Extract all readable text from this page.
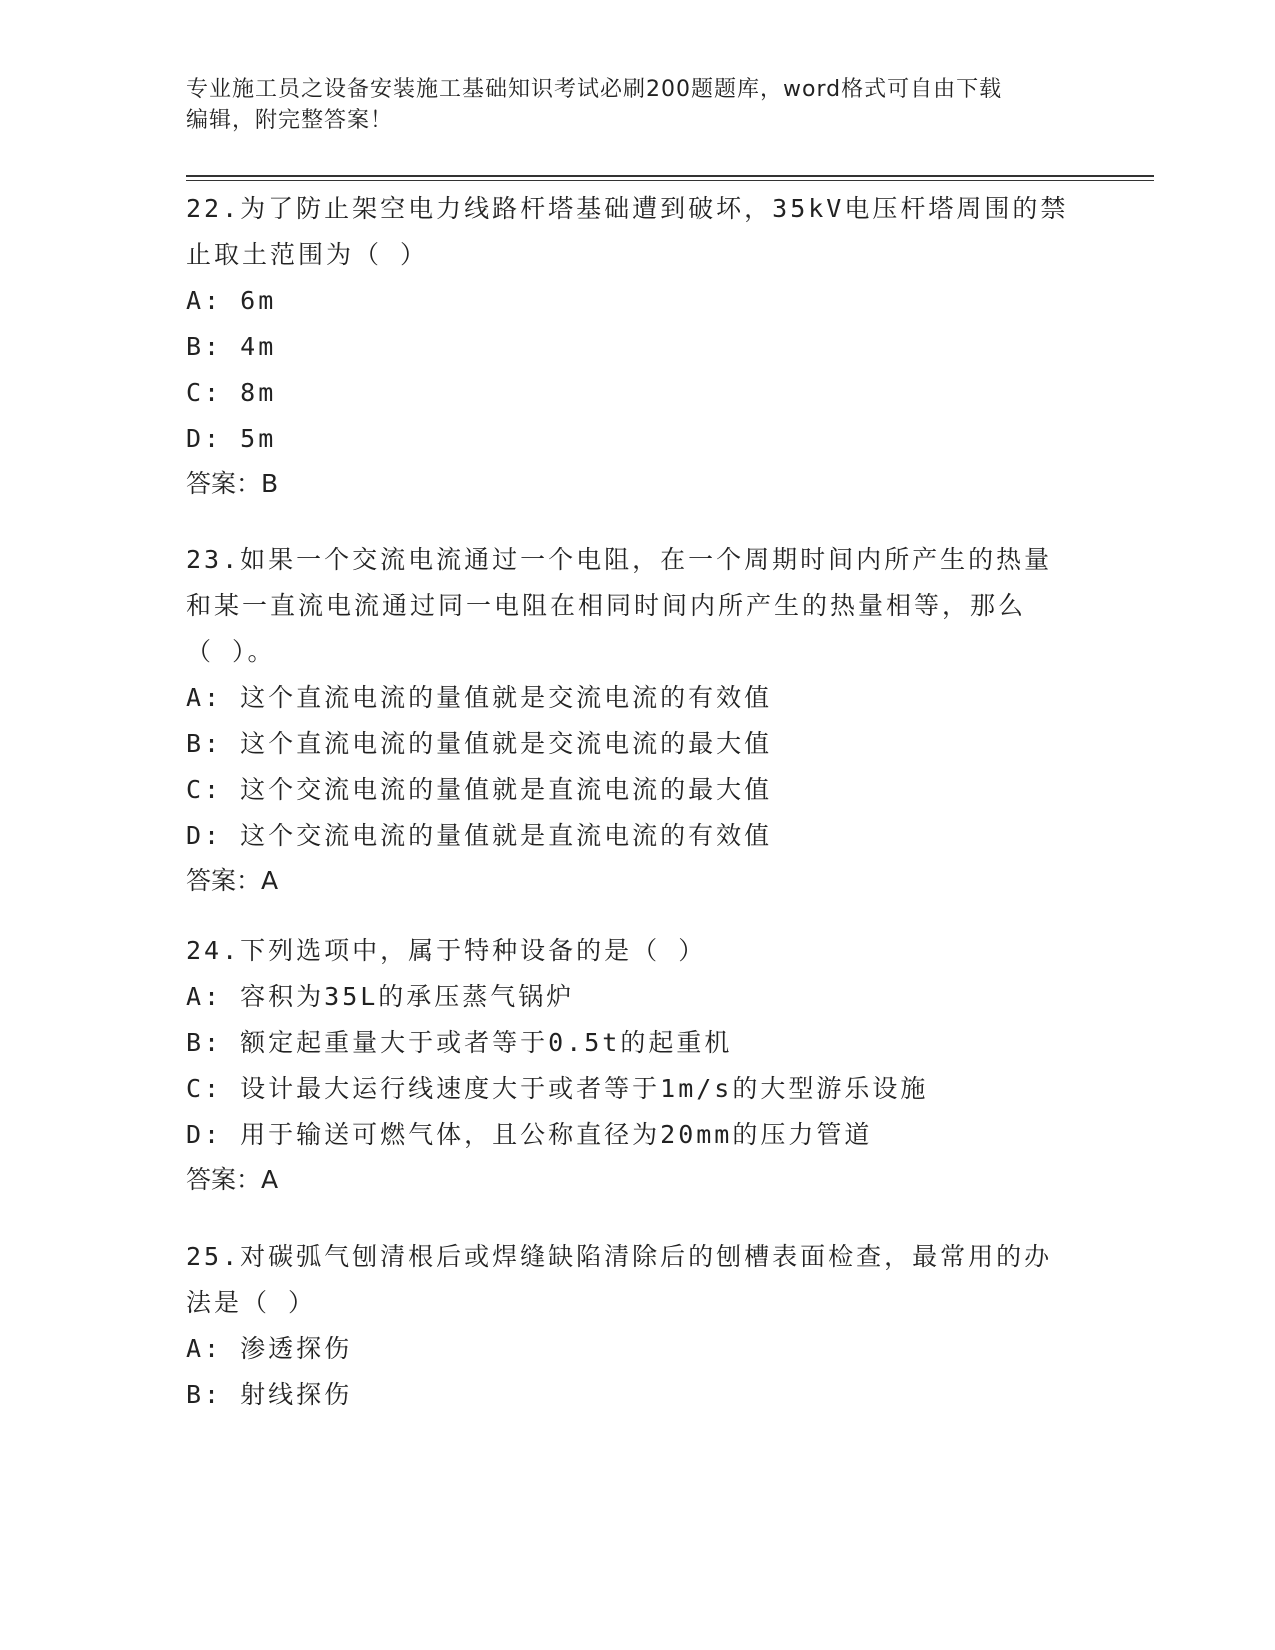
专业施工员之设备安装施工基础知识考试必刷200题题库，word格式可自由下载
编辑，附完整答案！

22.为了防止架空电力线路杆塔基础遭到破坏，35kV电压杆塔周围的禁

止取土范围为（ ）

A: 6m

B: 4m

C: 8m

D: 5m

答案：B

23.如果一个交流电流通过一个电阻，在一个周期时间内所产生的热量

和某一直流电流通过同一电阻在相同时间内所产生的热量相等，那么

（ ）。

A: 这个直流电流的量值就是交流电流的有效值

B: 这个直流电流的量值就是交流电流的最大值

C: 这个交流电流的量值就是直流电流的最大值

D: 这个交流电流的量值就是直流电流的有效值

答案：A

24.下列选项中，属于特种设备的是（ ）

A: 容积为35L的承压蒸气锅炉

B: 额定起重量大于或者等于0.5t的起重机

C: 设计最大运行线速度大于或者等于1m/s的大型游乐设施

D: 用于输送可燃气体，且公称直径为20mm的压力管道

答案：A

25.对碳弧气刨清根后或焊缝缺陷清除后的刨槽表面检查，最常用的办

法是（ ）

A: 渗透探伤

B: 射线探伤
